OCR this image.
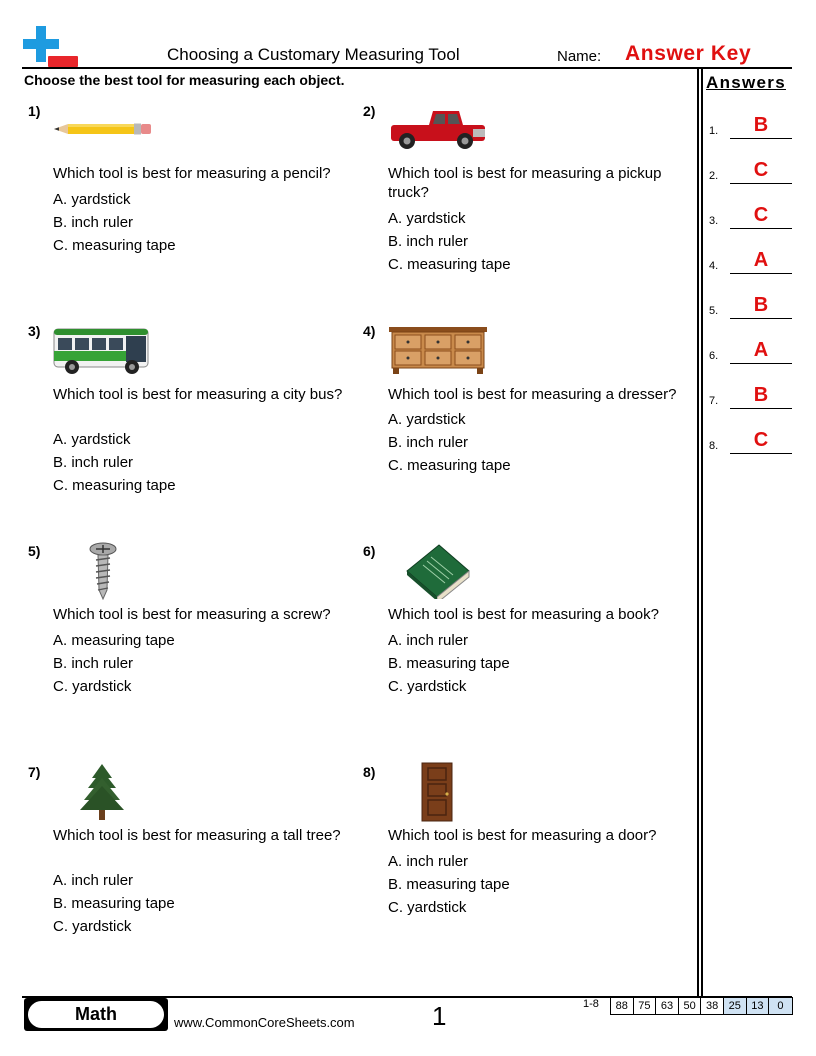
Choosing a Customary Measuring Tool	Name: Answer Key
Choose the best tool for measuring each object.	Answers
1.	B
2.	C
3.	C
4.	A
5.	B
6.	A
7.	B
8.	C
1)
Which tool is best for measuring a pencil?
A. yardstick
B. inch ruler
C. measuring tape
2)
Which tool is best for measuring a pickup truck?
A. yardstick
B. inch ruler
C. measuring tape
3)
Which tool is best for measuring a city bus?
A. yardstick
B. inch ruler
C. measuring tape
4)
Which tool is best for measuring a dresser?
A. yardstick
B. inch ruler
C. measuring tape
5)
Which tool is best for measuring a screw?
A. measuring tape
B. inch ruler
C. yardstick
6)
Which tool is best for measuring a book?
A. inch ruler
B. measuring tape
C. yardstick
7)
Which tool is best for measuring a tall tree?
A. inch ruler
B. measuring tape
C. yardstick
8)
Which tool is best for measuring a door?
A. inch ruler
B. measuring tape
C. yardstick
Math	www.CommonCoreSheets.com	1	1-8	88 75 63 50 38 25 13	0
